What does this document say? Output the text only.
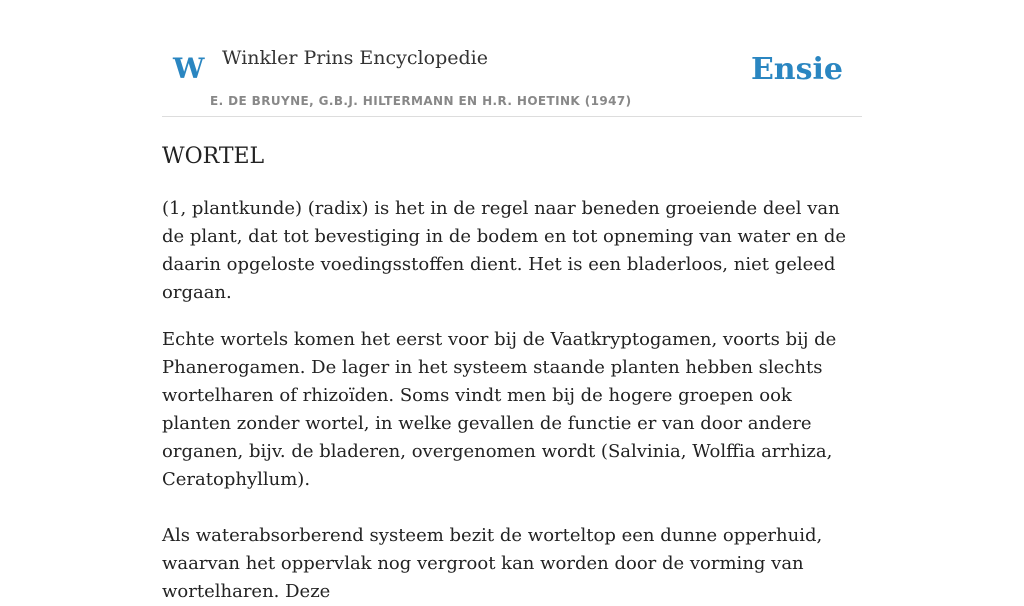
W Winkler Prins Encyclopedie
E. DE BRUYNE, G.B.J. HILTERMANN EN H.R. HOETINK (1947)
Ensie
WORTEL

(1, plantkunde) (radix) is het in de regel naar beneden groeiende deel van de plant, dat tot bevestiging in de bodem en tot opneming van water en de daarin opgeloste voedingsstoffen dient. Het is een bladerloos, niet geleed orgaan.

Echte wortels komen het eerst voor bij de Vaatkryptogamen, voorts bij de Phanerogamen. De lager in het systeem staande planten hebben slechts wortelharen of rhizoïden. Soms vindt men bij de hogere groepen ook planten zonder wortel, in welke gevallen de functie er van door andere organen, bijv. de bladeren, overgenomen wordt (Salvinia, Wolffia arrhiza, Ceratophyllum).

Als waterabsorberend systeem bezit de worteltop een dunne opperhuid, waarvan het oppervlak nog vergroot kan worden door de vorming van wortelharen. Deze
